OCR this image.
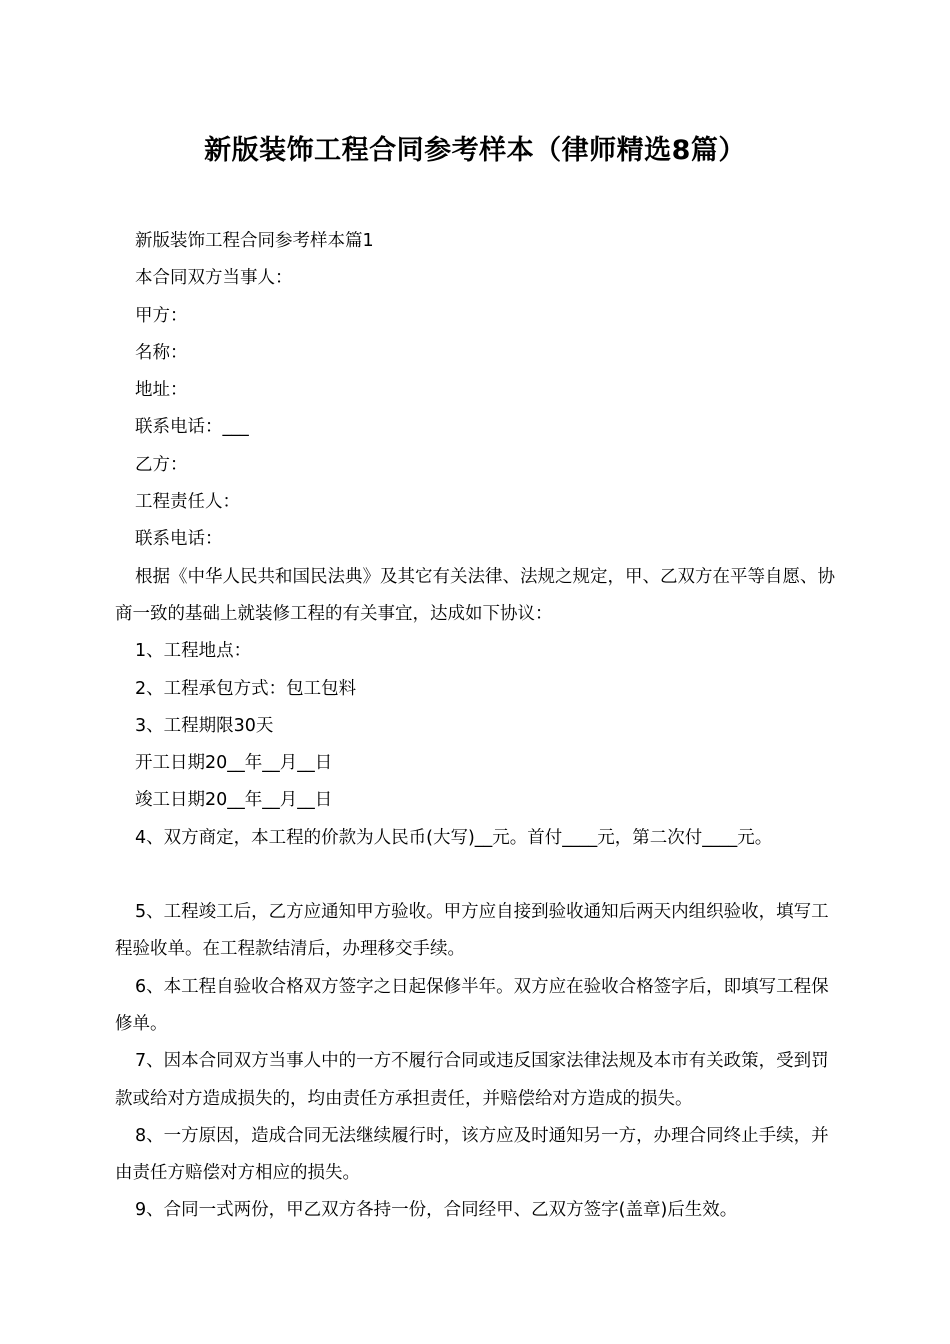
新版装饰工程合同参考样本（律师精选8篇）

新版装饰工程合同参考样本篇1

本合同双方当事人：

甲方：

名称：

地址：

联系电话：___

乙方：

工程责任人：

联系电话：

根据《中华人民共和国民法典》及其它有关法律、法规之规定，甲、乙双方在平等自愿、协商一致的基础上就装修工程的有关事宜，达成如下协议：

1、工程地点：

2、工程承包方式：包工包料

3、工程期限30天

开工日期20__年__月__日

竣工日期20__年__月__日

4、双方商定，本工程的价款为人民币(大写)__元。首付____元，第二次付____元。

5、工程竣工后，乙方应通知甲方验收。甲方应自接到验收通知后两天内组织验收，填写工程验收单。在工程款结清后，办理移交手续。

6、本工程自验收合格双方签字之日起保修半年。双方应在验收合格签字后，即填写工程保修单。

7、因本合同双方当事人中的一方不履行合同或违反国家法律法规及本市有关政策，受到罚款或给对方造成损失的，均由责任方承担责任，并赔偿给对方造成的损失。

8、一方原因，造成合同无法继续履行时，该方应及时通知另一方，办理合同终止手续，并由责任方赔偿对方相应的损失。

9、合同一式两份，甲乙双方各持一份，合同经甲、乙双方签字(盖章)后生效。
